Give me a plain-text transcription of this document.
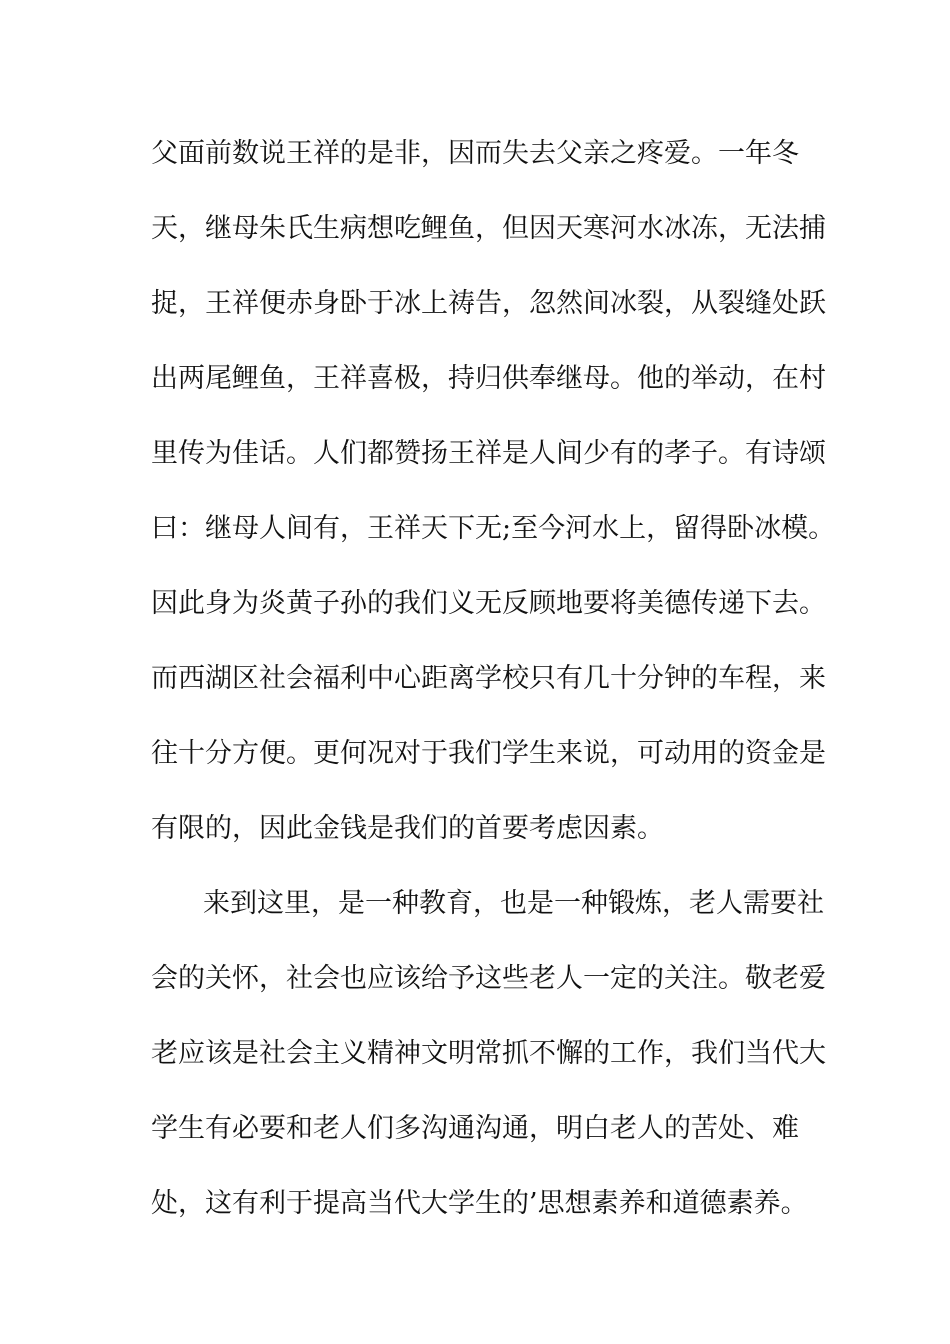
父面前数说王祥的是非，因而失去父亲之疼爱。一年冬
天，继母朱氏生病想吃鲤鱼，但因天寒河水冰冻，无法捕
捉，王祥便赤身卧于冰上祷告，忽然间冰裂，从裂缝处跃
出两尾鲤鱼，王祥喜极，持归供奉继母。他的举动，在村
里传为佳话。人们都赞扬王祥是人间少有的孝子。有诗颂
曰：继母人间有，王祥天下无;至今河水上，留得卧冰模。
因此身为炎黄子孙的我们义无反顾地要将美德传递下去。
而西湖区社会福利中心距离学校只有几十分钟的车程，来
往十分方便。更何况对于我们学生来说，可动用的资金是
有限的，因此金钱是我们的首要考虑因素。
来到这里，是一种教育，也是一种锻炼，老人需要社
会的关怀，社会也应该给予这些老人一定的关注。敬老爱
老应该是社会主义精神文明常抓不懈的工作，我们当代大
学生有必要和老人们多沟通沟通，明白老人的苦处、难
处，这有利于提高当代大学生的’思想素养和道德素养。
